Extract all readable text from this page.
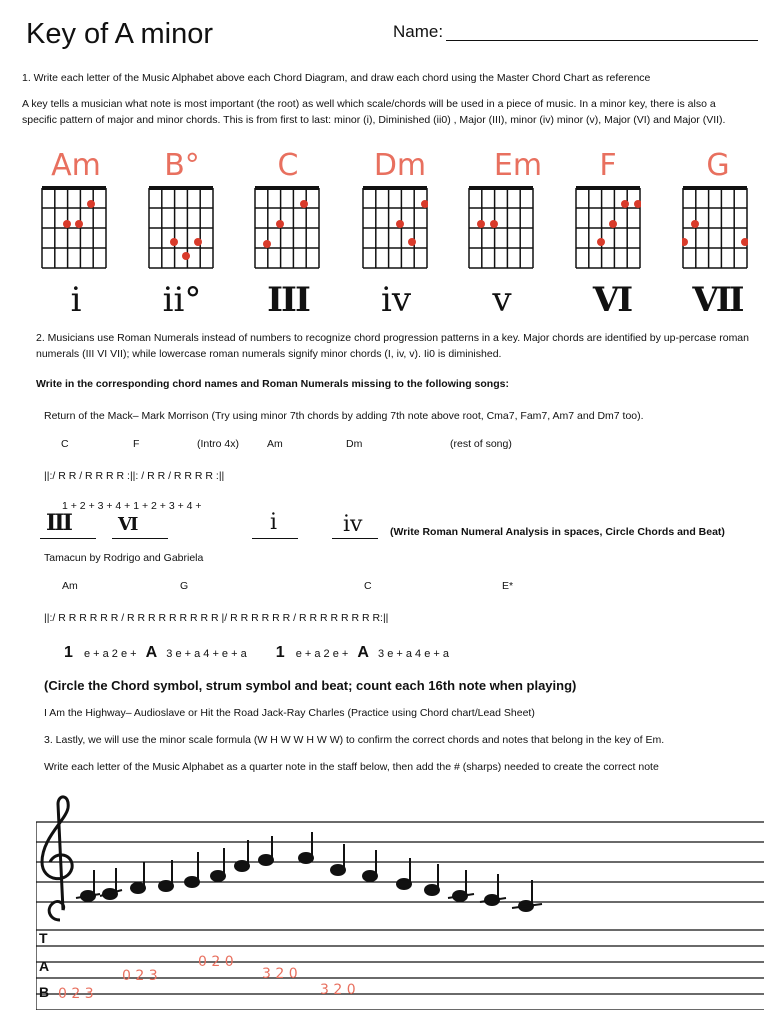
Key of A minor	Name:
1. Write each letter of the Music Alphabet above each Chord Diagram, and draw each chord using the Master Chord Chart as reference
A key tells a musician what note is most important (the root) as well which scale/chords will be used in a piece of music. In a minor key, there is also a specific pattern of major and minor chords. This is from first to last: minor (i), Diminished (ii0) , Major (III), minor (iv) minor (v), Major (VI) and Major (VII).
Am	B°	C	Dm	Em	F	G
i	ii°	III	iv	v	VI	VII
2. Musicians use Roman Numerals instead of numbers to recognize chord progression patterns in a key. Major chords are identified by up-percase roman numerals (III VI VII); while lowercase roman numerals signify minor chords (I, iv, v). Ii0 is diminished.
Write in the corresponding chord names and Roman Numerals missing to the following songs:
Return of the Mack– Mark Morrison (Try using minor 7th chords by adding 7th note above root, Cma7, Fam7, Am7 and Dm7 too).
C	F	(Intro 4x)	Am	Dm	(rest of song)
||:/ R R / R R R R :||: / R R / R R R R :||
1 + 2 + 3 + 4 + 1 + 2 + 3 + 4 +
III	VI	i	iv	(Write Roman Numeral Analysis in spaces, Circle Chords and Beat)
Tamacun by Rodrigo and Gabriela
Am	G	C	E*
||:/ R R R R R R / R R R R R R R R R |/ R R R R R R / R R R R R R R R:||
1 e + a 2 e + A 3 e + a 4 + e + a 1 e + a 2 e + A 3 e + a 4 e + a
(Circle the Chord symbol, strum symbol and beat; count each 16th note when playing)
I Am the Highway– Audioslave or Hit the Road Jack-Ray Charles (Practice using Chord chart/Lead Sheet)
3. Lastly, we will use the minor scale formula (W H W W H W W) to confirm the correct chords and notes that belong in the key of Em.
Write each letter of the Music Alphabet as a quarter note in the staff below, then add the # (sharps) needed to create the correct note
T
A
B 0 2 3
0 2 3
0 2 0
3 2 0
3 2 0
